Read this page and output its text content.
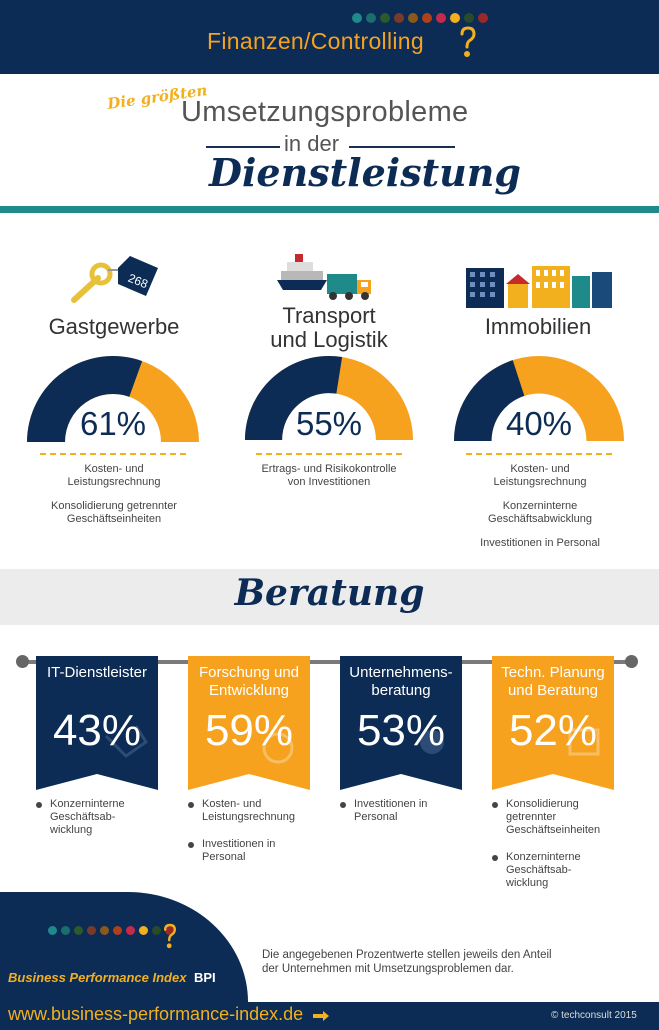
Finanzen/Controlling
Die größten
Umsetzungsprobleme
in der
Dienstleistung
268
Gastgewerbe
61%
Kosten- und
Leistungsrechnung
Konsolidierung getrennter
Geschäftseinheiten
Transport
und Logistik
55%
Ertrags- und Risikokontrolle
von Investitionen
Immobilien
40%
Kosten- und
Leistungsrechnung
Konzerninterne
Geschäftsabwicklung
Investitionen in Personal
Beratung
IT-Dienstleister
43%
Forschung und
Entwicklung
59%
Unternehmens-
beratung
53%
Techn. Planung
und Beratung
52%
Konzerninterne
Geschäftsab-
wicklung
Kosten- und
Leistungsrechnung
Investitionen in
Personal
Investitionen in
Personal
Konsolidierung
getrennter
Geschäftseinheiten
Konzerninterne
Geschäftsab-
wicklung
Business Performance Index BPI
Die angegebenen Prozentwerte stellen jeweils den Anteil
der Unternehmen mit Umsetzungsproblemen dar.
www.business-performance-index.de	© techconsult 2015
